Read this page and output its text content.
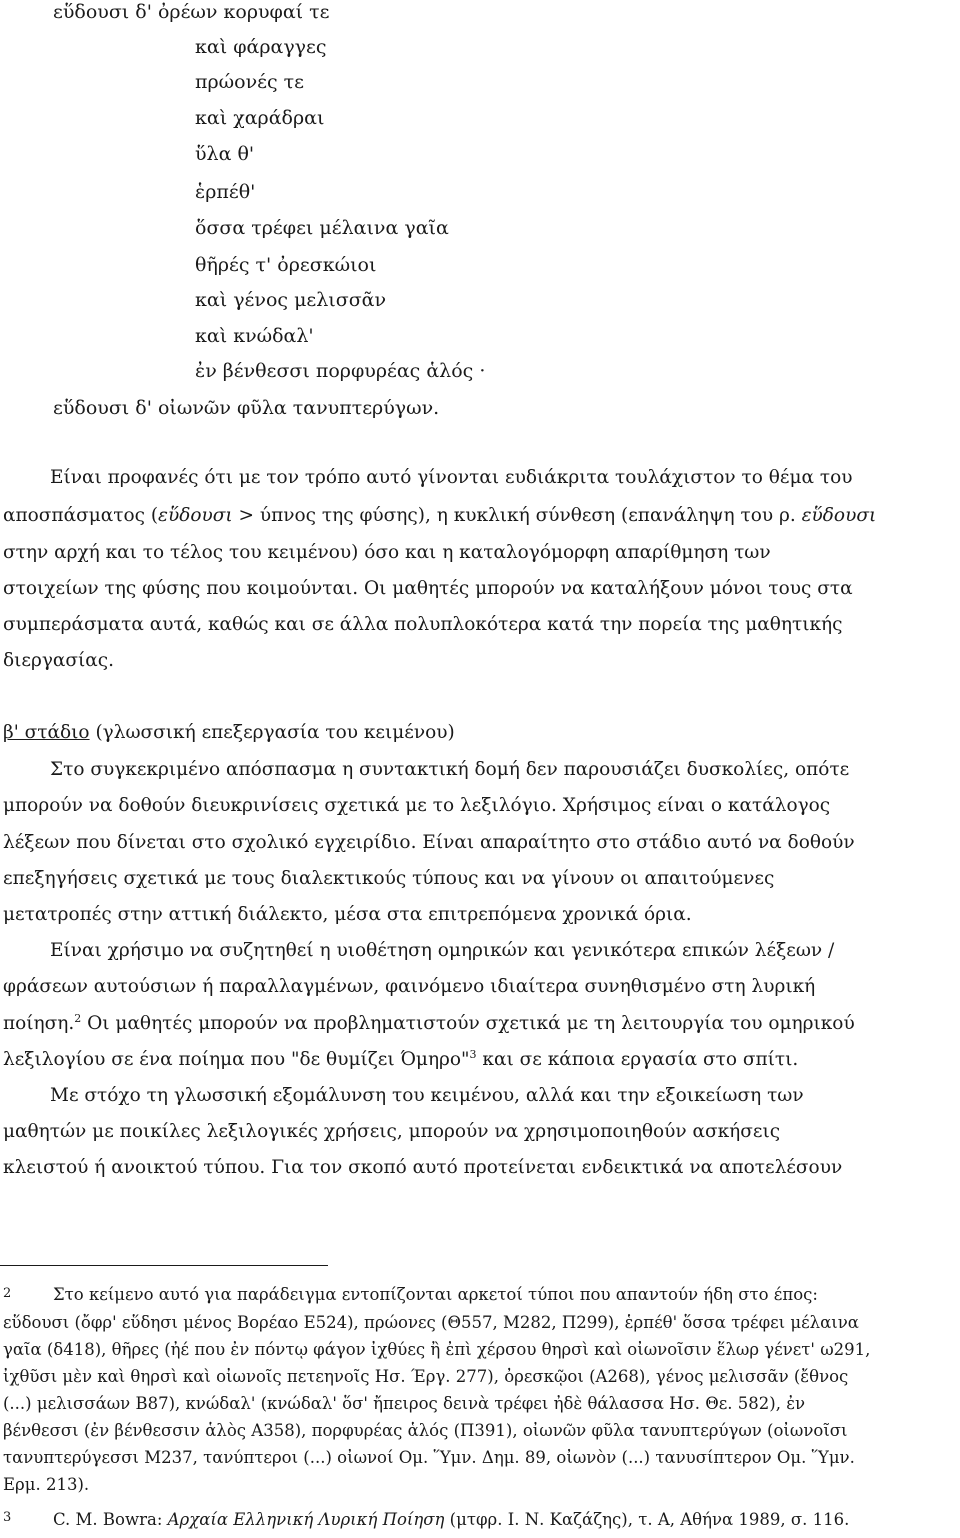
εὕδουσι δ' ὀρέων κορυφαί τε
καὶ φάραγγες
πρώονές τε
καὶ χαράδραι
ὕλα θ'
ἑρπέθ'
ὅσσα τρέφει μέλαινα γαῖα
θῆρές τ' ὀρεσκώιοι
καὶ γένος μελισσᾶν
καὶ κνώδαλ'
ἐν βένθεσσι πορφυρέας ἁλός ·
εὕδουσι δ' οἰωνῶν φῦλα τανυπτερύγων.
Είναι προφανές ότι με τον τρόπο αυτό γίνονται ευδιάκριτα τουλάχιστον το θέμα του
αποσπάσματος (εὕδουσι > ύπνος της φύσης), η κυκλική σύνθεση (επανάληψη του ρ. εὕδουσι
στην αρχή και το τέλος του κειμένου) όσο και η καταλογόμορφη απαρίθμηση των
στοιχείων της φύσης που κοιμούνται. Οι μαθητές μπορούν να καταλήξουν μόνοι τους στα
συμπεράσματα αυτά, καθώς και σε άλλα πολυπλοκότερα κατά την πορεία της μαθητικής
διεργασίας.
β' στάδιο (γλωσσική επεξεργασία του κειμένου)
Στο συγκεκριμένο απόσπασμα η συντακτική δομή δεν παρουσιάζει δυσκολίες, οπότε
μπορούν να δοθούν διευκρινίσεις σχετικά με το λεξιλόγιο. Χρήσιμος είναι ο κατάλογος
λέξεων που δίνεται στο σχολικό εγχειρίδιο. Είναι απαραίτητο στο στάδιο αυτό να δοθούν
επεξηγήσεις σχετικά με τους διαλεκτικούς τύπους και να γίνουν οι απαιτούμενες
μετατροπές στην αττική διάλεκτο, μέσα στα επιτρεπόμενα χρονικά όρια.
Είναι χρήσιμο να συζητηθεί η υιοθέτηση ομηρικών και γενικότερα επικών λέξεων /
φράσεων αυτούσιων ή παραλλαγμένων, φαινόμενο ιδιαίτερα συνηθισμένο στη λυρική
ποίηση.$^2$ Οι μαθητές μπορούν να προβληματιστούν σχετικά με τη λειτουργία του ομηρικού
λεξιλογίου σε ένα ποίημα που "δε θυμίζει Όμηρο"$^3$ και σε κάποια εργασία στο σπίτι.
Με στόχο τη γλωσσική εξομάλυνση του κειμένου, αλλά και την εξοικείωση των
μαθητών με ποικίλες λεξιλογικές χρήσεις, μπορούν να χρησιμοποιηθούν ασκήσεις
κλειστού ή ανοικτού τύπου. Για τον σκοπό αυτό προτείνεται ενδεικτικά να αποτελέσουν
2	Στο κείμενο αυτό για παράδειγμα εντοπίζονται αρκετοί τύποι που απαντούν ήδη στο έπος:
εὕδουσι (ὄφρ' εὕδησι μένος Βορέαο Ε524), πρώονες (Θ557, Μ282, Π299), ἑρπέθ' ὅσσα τρέφει μέλαινα
γαῖα (δ418), θῆρες (ἠέ που ἐν πόντῳ φάγον ἰχθύες ἢ ἐπὶ χέρσου θηρσὶ καὶ οἰωνοῖσιν ἕλωρ γένετ' ω291,
ἰχθῦσι μὲν καὶ θηρσὶ καὶ οἰωνοῖς πετεηνοῖς Ησ. Έργ. 277), ὀρεσκῷοι (Α268), γένος μελισσᾶν (ἔθνος
(...) μελισσάων Β87), κνώδαλ' (κνώδαλ' ὅσ' ἤπειρος δεινὰ τρέφει ἠδὲ θάλασσα Ησ. Θε. 582), ἐν
βένθεσσι (ἐν βένθεσσιν ἁλὸς Α358), πορφυρέας ἁλός (Π391), οἰωνῶν φῦλα τανυπτερύγων (οἰωνοῖσι
τανυπτερύγεσσι Μ237, τανύπτεροι (...) οἰωνοί Ομ. Ὕμν. Δημ. 89, οἰωνὸν (...) τανυσίπτερον Ομ. Ὕμν.
Ερμ. 213).
3	C. M. Bowra: Αρχαία Ελληνική Λυρική Ποίηση (μτφρ. Ι. Ν. Καζάζης), τ. Α, Αθήνα 1989, σ. 116.
